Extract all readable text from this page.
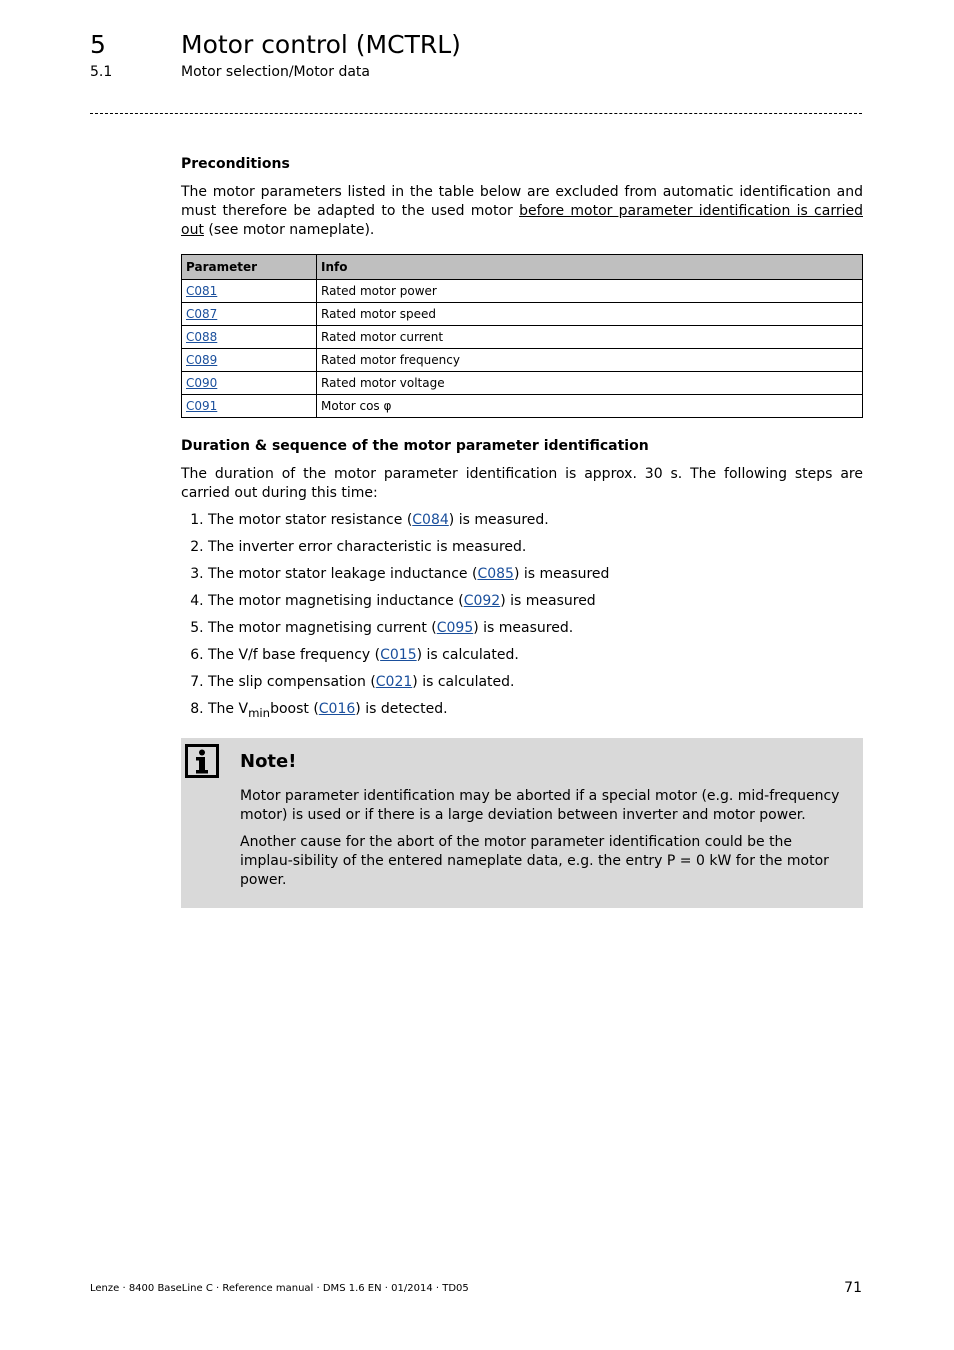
5	Motor control (MCTRL)
5.1	Motor selection/Motor data
Preconditions

The motor parameters listed in the table below are excluded from automatic identification and must therefore be adapted to the used motor before motor parameter identification is carried out (see motor nameplate).

Parameter	Info
C081	Rated motor power
C087	Rated motor speed
C088	Rated motor current
C089	Rated motor frequency
C090	Rated motor voltage
C091	Motor cos φ
Duration & sequence of the motor parameter identification

The duration of the motor parameter identification is approx. 30 s. The following steps are carried out during this time:

1. The motor stator resistance (C084) is measured.
2. The inverter error characteristic is measured.
3. The motor stator leakage inductance (C085) is measured
4. The motor magnetising inductance (C092) is measured
5. The motor magnetising current (C095) is measured.
6. The V/f base frequency (C015) is calculated.
7. The slip compensation (C021) is calculated.
8. The $V_{min}boost$ (C016) is detected.
Note!

Motor parameter identification may be aborted if a special motor (e.g. mid-frequency motor) is used or if there is a large deviation between inverter and motor power.

Another cause for the abort of the motor parameter identification could be the implau-sibility of the entered nameplate data, e.g. the entry P = 0 kW for the motor power.

Lenze · 8400 BaseLine C · Reference manual · DMS 1.6 EN · 01/2014 · TD05	71
